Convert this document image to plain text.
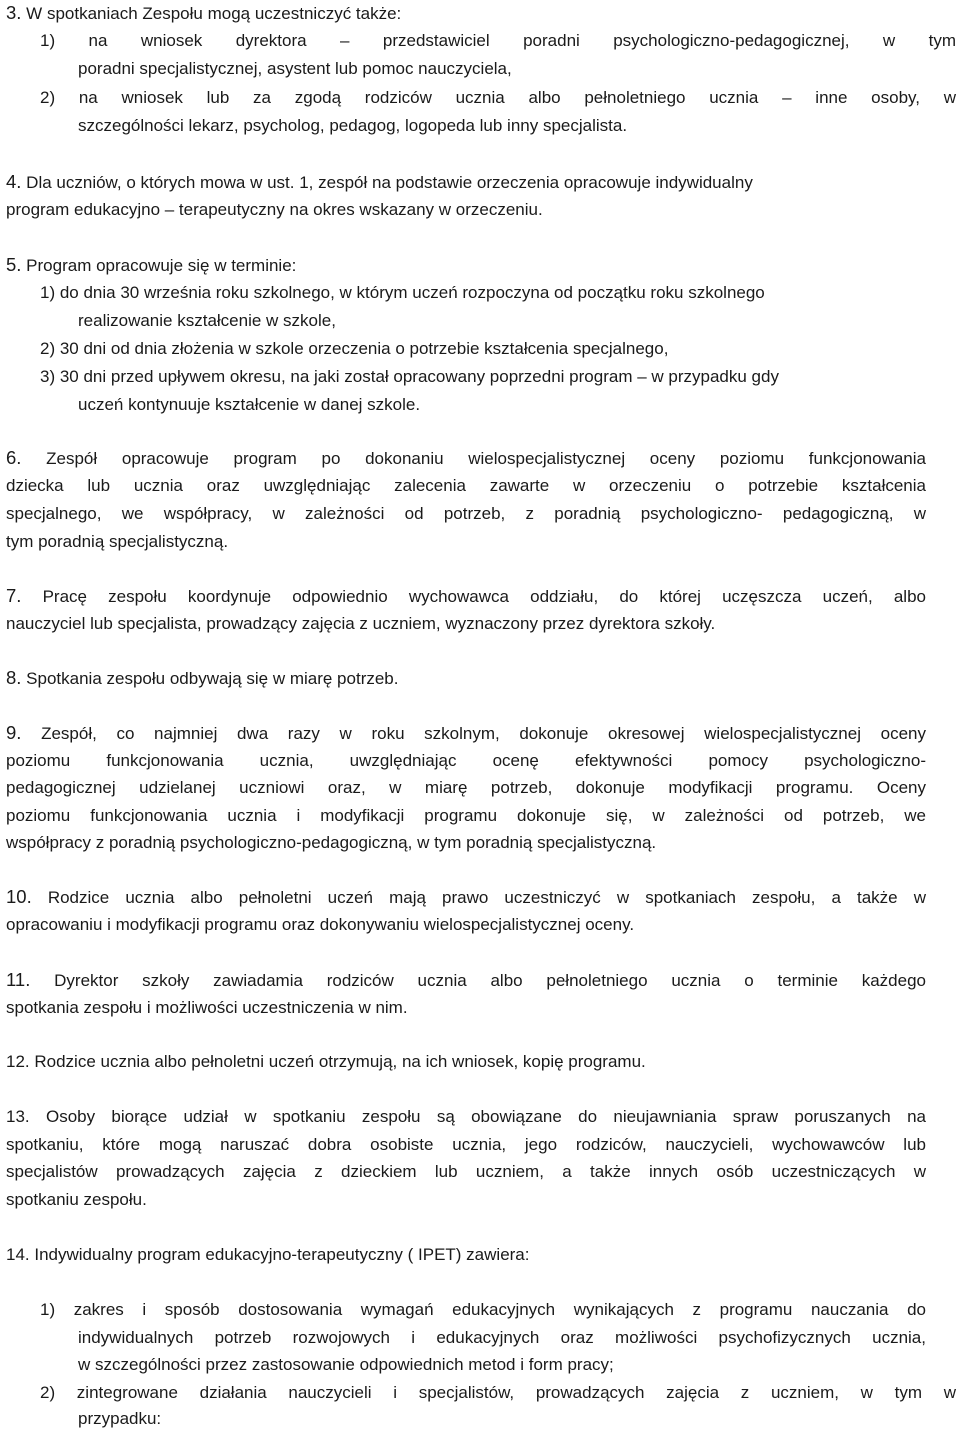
3. W spotkaniach Zespołu mogą uczestniczyć także:
1) na wniosek dyrektora – przedstawiciel poradni psychologiczno-pedagogicznej, w tym
poradni specjalistycznej, asystent lub pomoc nauczyciela,
2) na wniosek lub za zgodą rodziców ucznia albo pełnoletniego ucznia – inne osoby, w
szczególności lekarz, psycholog, pedagog, logopeda lub inny specjalista.
4. Dla uczniów, o których mowa w ust. 1, zespół na podstawie orzeczenia opracowuje indywidualny
program edukacyjno – terapeutyczny na okres wskazany w orzeczeniu.
5. Program opracowuje się w terminie:
1) do dnia 30 września roku szkolnego, w którym uczeń rozpoczyna od początku roku szkolnego
realizowanie kształcenie w szkole,
2) 30 dni od dnia złożenia w szkole orzeczenia o potrzebie kształcenia specjalnego,
3) 30 dni przed upływem okresu, na jaki został opracowany poprzedni program – w przypadku gdy
uczeń kontynuuje kształcenie w danej szkole.
6. Zespół opracowuje program po dokonaniu wielospecjalistycznej oceny poziomu funkcjonowania
dziecka lub ucznia oraz uwzględniając zalecenia zawarte w orzeczeniu o potrzebie kształcenia
specjalnego, we współpracy, w zależności od potrzeb, z poradnią psychologiczno- pedagogiczną, w
tym poradnią specjalistyczną.
7. Pracę zespołu koordynuje odpowiednio wychowawca oddziału, do której uczęszcza uczeń, albo
nauczyciel lub specjalista, prowadzący zajęcia z uczniem, wyznaczony przez dyrektora szkoły.
8. Spotkania zespołu odbywają się w miarę potrzeb.
9. Zespół, co najmniej dwa razy w roku szkolnym, dokonuje okresowej wielospecjalistycznej oceny
poziomu funkcjonowania ucznia, uwzględniając ocenę efektywności pomocy psychologiczno-
pedagogicznej udzielanej uczniowi oraz, w miarę potrzeb, dokonuje modyfikacji programu. Oceny
poziomu funkcjonowania ucznia i modyfikacji programu dokonuje się, w zależności od potrzeb, we
współpracy z poradnią psychologiczno-pedagogiczną, w tym poradnią specjalistyczną.
10. Rodzice ucznia albo pełnoletni uczeń mają prawo uczestniczyć w spotkaniach zespołu, a także w
opracowaniu i modyfikacji programu oraz dokonywaniu wielospecjalistycznej oceny.
11. Dyrektor szkoły zawiadamia rodziców ucznia albo pełnoletniego ucznia o terminie każdego
spotkania zespołu i możliwości uczestniczenia w nim.
12. Rodzice ucznia albo pełnoletni uczeń otrzymują, na ich wniosek, kopię programu.
13. Osoby biorące udział w spotkaniu zespołu są obowiązane do nieujawniania spraw poruszanych na
spotkaniu, które mogą naruszać dobra osobiste ucznia, jego rodziców, nauczycieli, wychowawców lub
specjalistów prowadzących zajęcia z dzieckiem lub uczniem, a także innych osób uczestniczących w
spotkaniu zespołu.
14. Indywidualny program edukacyjno-terapeutyczny ( IPET) zawiera:
1) zakres i sposób dostosowania wymagań edukacyjnych wynikających z programu nauczania do
indywidualnych potrzeb rozwojowych i edukacyjnych oraz możliwości psychofizycznych ucznia,
w szczególności przez zastosowanie odpowiednich metod i form pracy;
2) zintegrowane działania nauczycieli i specjalistów, prowadzących zajęcia z uczniem, w tym w
przypadku:
